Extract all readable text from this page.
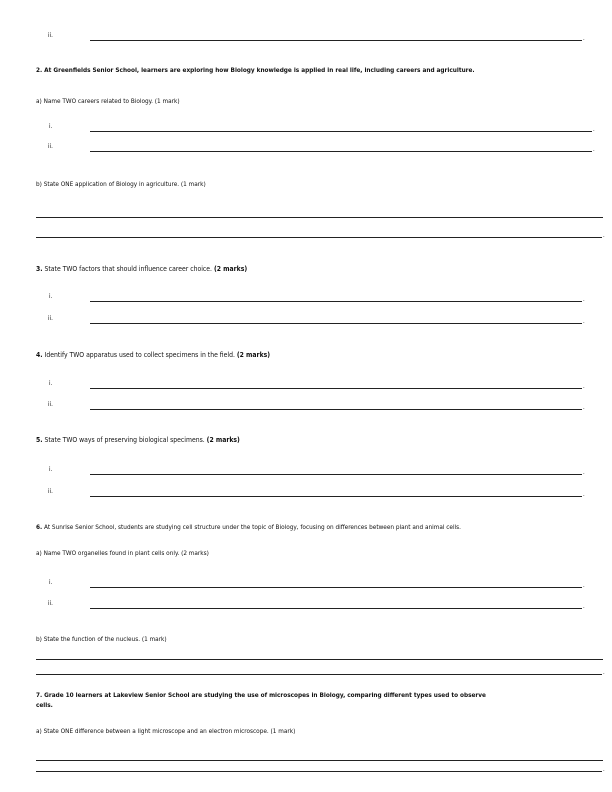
ii.	.
2. At Greenfields Senior School, learners are exploring how Biology knowledge is applied in real life, including careers and agriculture.
a) Name TWO careers related to Biology. (1 mark)
i.	.
ii.	.
b) State ONE application of Biology in agriculture. (1 mark)
.
3. State TWO factors that should influence career choice. (2 marks)
i.	.
ii.	.
4. Identify TWO apparatus used to collect specimens in the field. (2 marks)
i.	.
ii.	.
5. State TWO ways of preserving biological specimens. (2 marks)
i.	.
ii.	.
6. At Sunrise Senior School, students are studying cell structure under the topic of Biology, focusing on differences between plant and animal cells.
a) Name TWO organelles found in plant cells only. (2 marks)
i.	.
ii.	.
b) State the function of the nucleus. (1 mark)
.
7. Grade 10 learners at Lakeview Senior School are studying the use of microscopes in Biology, comparing different types used to observe
cells.
a) State ONE difference between a light microscope and an electron microscope. (1 mark)
.
